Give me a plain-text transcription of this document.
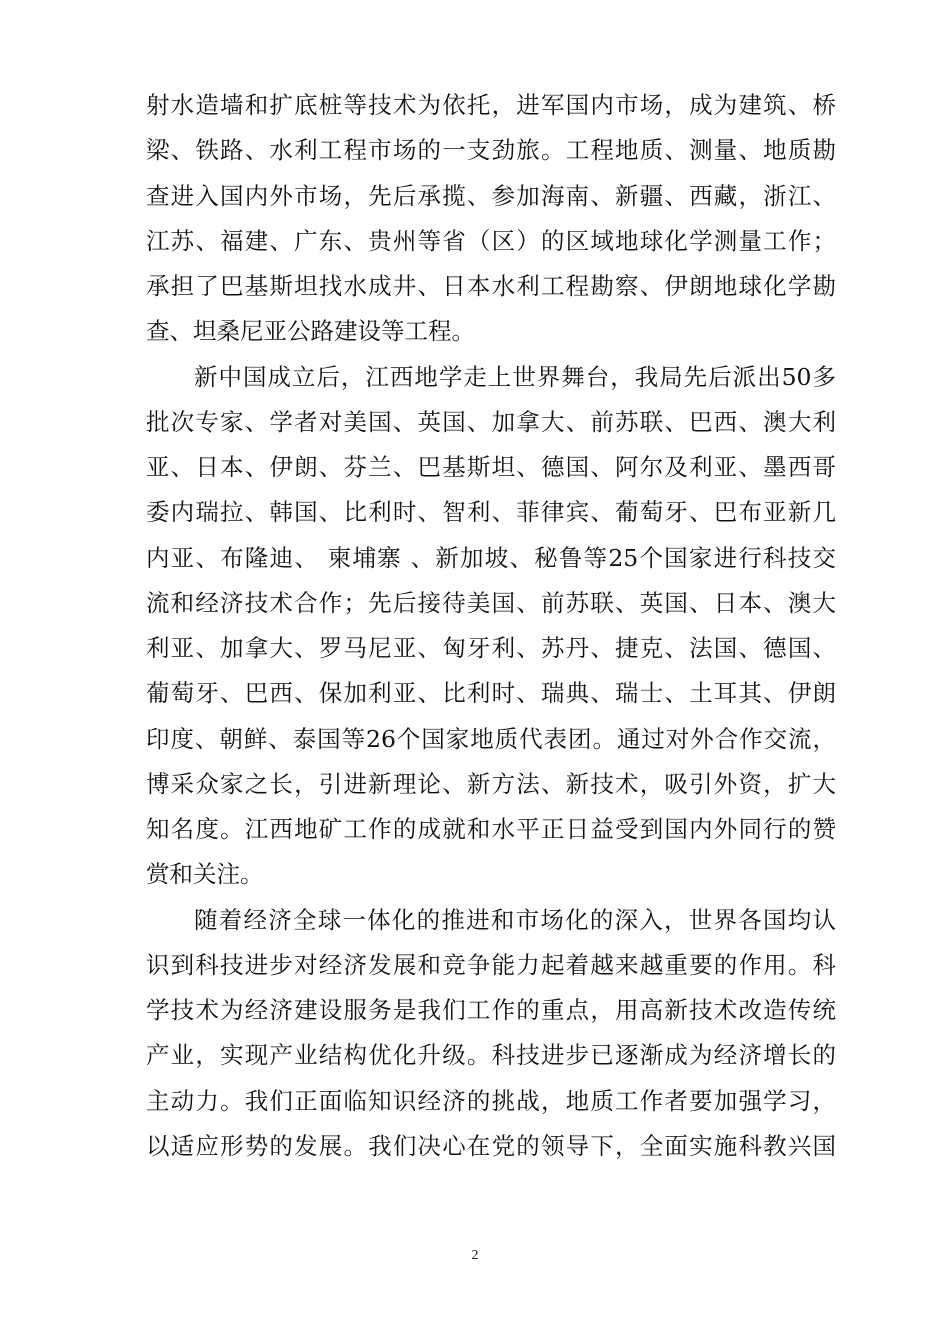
射水造墙和扩底桩等技术为依托，进军国内市场，成为建筑、桥
梁、铁路、水利工程市场的一支劲旅。工程地质、测量、地质勘
查进入国内外市场，先后承揽、参加海南、新疆、西藏，浙江、
江苏、福建、广东、贵州等省（区）的区域地球化学测量工作；
承担了巴基斯坦找水成井、日本水利工程勘察、伊朗地球化学勘
查、坦桑尼亚公路建设等工程。
新中国成立后，江西地学走上世界舞台，我局先后派出50多
批次专家、学者对美国、英国、加拿大、前苏联、巴西、澳大利
亚、日本、伊朗、芬兰、巴基斯坦、德国、阿尔及利亚、墨西哥
委内瑞拉、韩国、比利时、智利、菲律宾、葡萄牙、巴布亚新几
内亚、布隆迪、 柬埔寨 、新加坡、秘鲁等25个国家进行科技交
流和经济技术合作；先后接待美国、前苏联、英国、日本、澳大
利亚、加拿大、罗马尼亚、匈牙利、苏丹、捷克、法国、德国、
葡萄牙、巴西、保加利亚、比利时、瑞典、瑞士、土耳其、伊朗
印度、朝鲜、泰国等26个国家地质代表团。通过对外合作交流，
博采众家之长，引进新理论、新方法、新技术，吸引外资，扩大
知名度。江西地矿工作的成就和水平正日益受到国内外同行的赞
赏和关注。
随着经济全球一体化的推进和市场化的深入，世界各国均认
识到科技进步对经济发展和竞争能力起着越来越重要的作用。科
学技术为经济建设服务是我们工作的重点，用高新技术改造传统
产业，实现产业结构优化升级。科技进步已逐渐成为经济增长的
主动力。我们正面临知识经济的挑战，地质工作者要加强学习，
以适应形势的发展。我们决心在党的领导下，全面实施科教兴国
2
